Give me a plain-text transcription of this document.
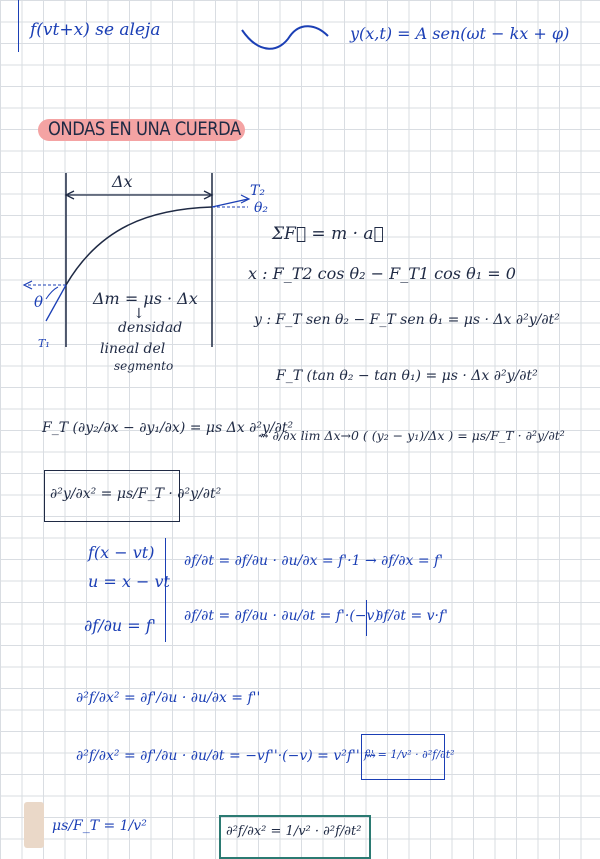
f(vt+x) se aleja	y(x,t) = A sen(ωt − kx + φ)
ONDAS EN UNA CUERDA
Δx	T₂
θ₂
θ
T₁
Δm = μs · Δx
↓
densidad
lineal del
segmento
ΣF⃗ = m · a⃗
x : F_T2 cos θ₂ − F_T1 cos θ₁ = 0
y : F_T sen θ₂ − F_T sen θ₁ = μs · Δx ∂²y/∂t²
F_T (tan θ₂ − tan θ₁) = μs · Δx ∂²y/∂t²
F_T (∂y₂/∂x − ∂y₁/∂x) = μs Δx ∂²y/∂t²
⇝ ∂/∂x lim Δx→0 ( (y₂ − y₁)/Δx ) = μs/F_T · ∂²y/∂t²
∂²y/∂x² = μs/F_T · ∂²y/∂t²
f(x − vt)
u = x − vt
∂f/∂u = f'
∂f/∂t = ∂f/∂u · ∂u/∂x = f'·1 → ∂f/∂x = f'
∂f/∂t = ∂f/∂u · ∂u/∂t = f'·(−v)
∂f/∂t = v·f'
∂²f/∂x² = ∂f'/∂u · ∂u/∂x = f''
∂²f/∂x² = ∂f'/∂u · ∂u/∂t = −vf''·(−v) = v²f'' ⇝
f'' = 1/v² · ∂²f/∂t²
μs/F_T = 1/v²	∂²f/∂x² = 1/v² · ∂²f/∂t²
